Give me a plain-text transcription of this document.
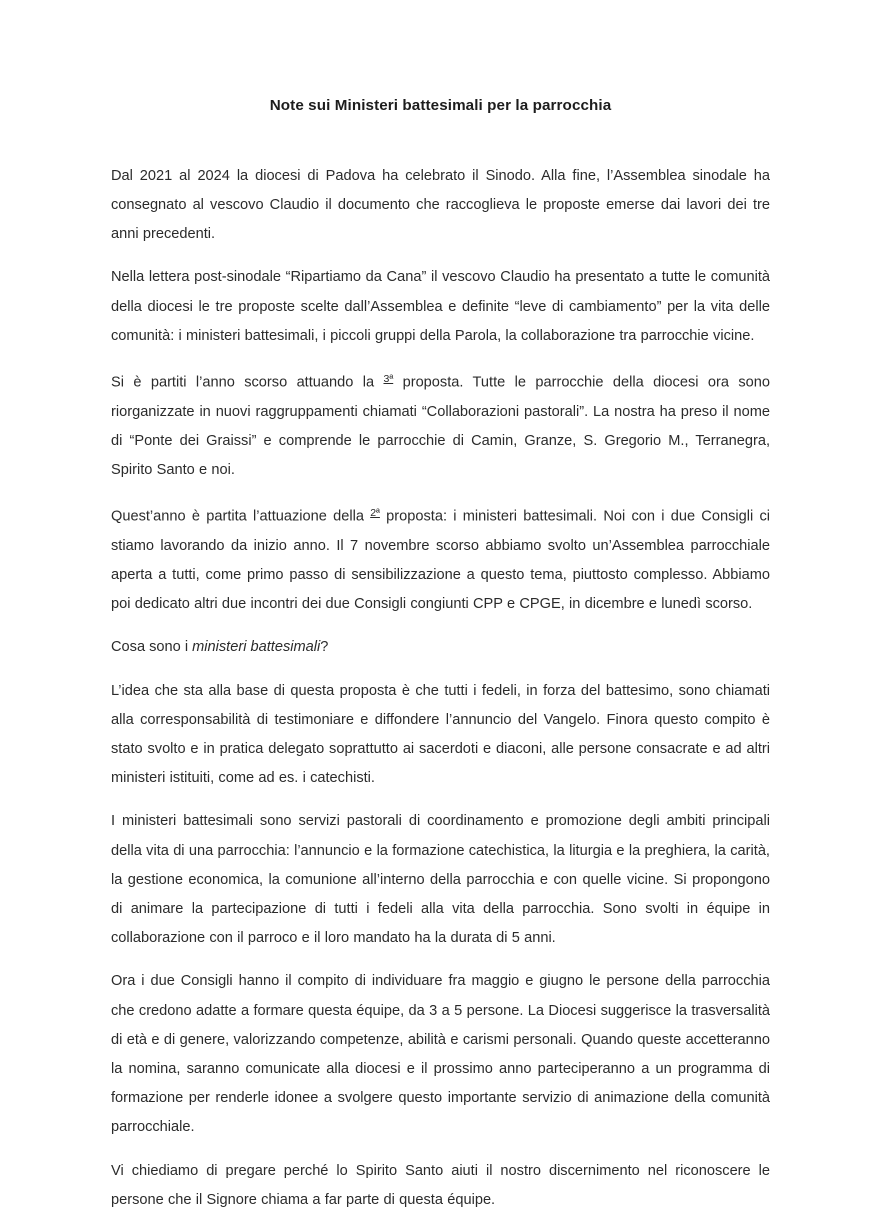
Note sui Ministeri battesimali per la parrocchia

Dal 2021 al 2024 la diocesi di Padova ha celebrato il Sinodo. Alla fine, l’Assemblea sinodale ha consegnato al vescovo Claudio il documento che raccoglieva le proposte emerse dai lavori dei tre anni precedenti.

Nella lettera post-sinodale “Ripartiamo da Cana” il vescovo Claudio ha presentato a tutte le comunità della diocesi le tre proposte scelte dall’Assemblea e definite “leve di cambiamento” per la vita delle comunità: i ministeri battesimali, i piccoli gruppi della Parola, la collaborazione tra parrocchie vicine.

Si è partiti l’anno scorso attuando la $^{3ª}$ proposta. Tutte le parrocchie della diocesi ora sono riorganizzate in nuovi raggruppamenti chiamati “Collaborazioni pastorali”. La nostra ha preso il nome di “Ponte dei Graissi” e comprende le parrocchie di Camin, Granze, S. Gregorio M., Terranegra, Spirito Santo e noi.

Quest’anno è partita l’attuazione della $^{2ª}$ proposta: i ministeri battesimali. Noi con i due Consigli ci stiamo lavorando da inizio anno. Il 7 novembre scorso abbiamo svolto un’Assemblea parrocchiale aperta a tutti, come primo passo di sensibilizzazione a questo tema, piuttosto complesso. Abbiamo poi dedicato altri due incontri dei due Consigli congiunti CPP e CPGE, in dicembre e lunedì scorso.

Cosa sono i ministeri battesimali?

L’idea che sta alla base di questa proposta è che tutti i fedeli, in forza del battesimo, sono chiamati alla corresponsabilità di testimoniare e diffondere l’annuncio del Vangelo. Finora questo compito è stato svolto e in pratica delegato soprattutto ai sacerdoti e diaconi, alle persone consacrate e ad altri ministeri istituiti, come ad es. i catechisti.

I ministeri battesimali sono servizi pastorali di coordinamento e promozione degli ambiti principali della vita di una parrocchia: l’annuncio e la formazione catechistica, la liturgia e la preghiera, la carità, la gestione economica, la comunione all’interno della parrocchia e con quelle vicine. Si propongono di animare la partecipazione di tutti i fedeli alla vita della parrocchia. Sono svolti in équipe in collaborazione con il parroco e il loro mandato ha la durata di 5 anni.

Ora i due Consigli hanno il compito di individuare fra maggio e giugno le persone della parrocchia che credono adatte a formare questa équipe, da 3 a 5 persone. La Diocesi suggerisce la trasversalità di età e di genere, valorizzando competenze, abilità e carismi personali. Quando queste accetteranno la nomina, saranno comunicate alla diocesi e il prossimo anno parteciperanno a un programma di formazione per renderle idonee a svolgere questo importante servizio di animazione della comunità parrocchiale.

Vi chiediamo di pregare perché lo Spirito Santo aiuti il nostro discernimento nel riconoscere le persone che il Signore chiama a far parte di questa équipe.
